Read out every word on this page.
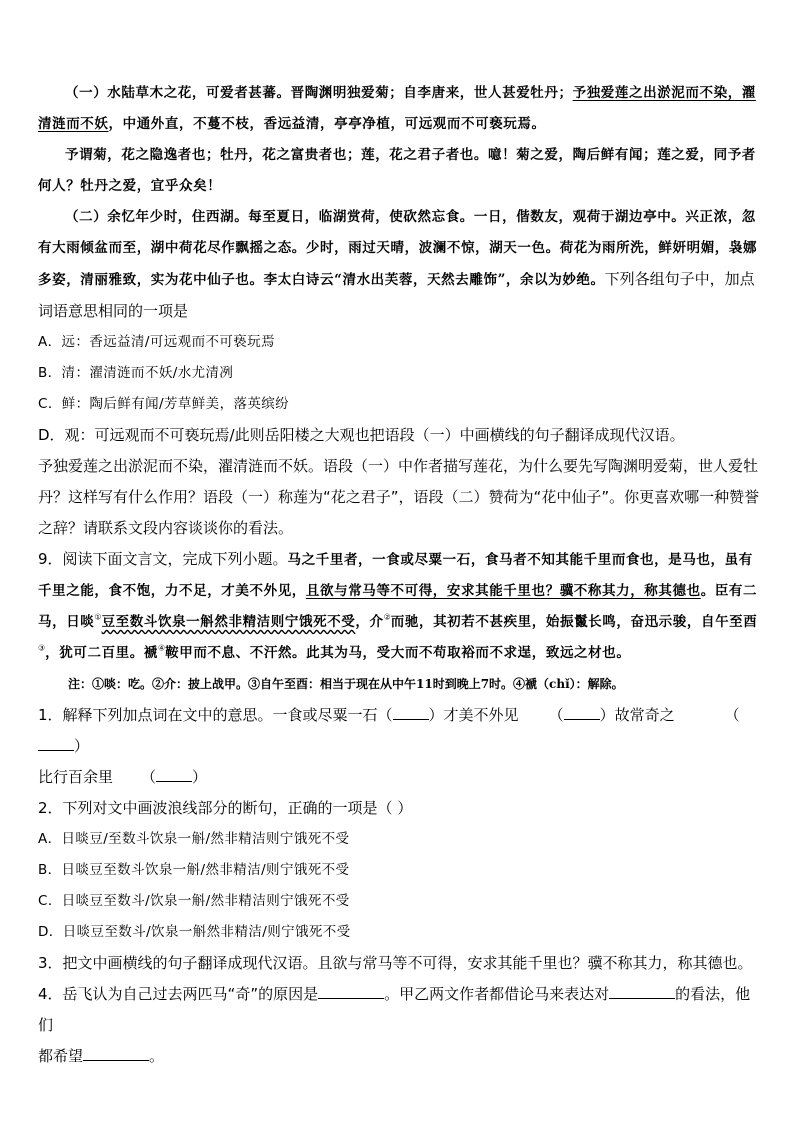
（一）水陆草木之花，可爱者甚蕃。晋陶渊明独爱菊；自李唐来，世人甚爱牡丹；予独爱莲之出淤泥而不染，濯
清涟而不妖，中通外直，不蔓不枝，香远益清，亭亭净植，可远观而不可亵玩焉。

予谓菊，花之隐逸者也；牡丹，花之富贵者也；莲，花之君子者也。噫！菊之爱，陶后鲜有闻；莲之爱，同予者何人？牡丹之爱，宜乎众矣！

（二）余忆年少时，住西湖。每至夏日，临湖赏荷，使砍然忘食。一日，偕数友，观荷于湖边亭中。兴正浓，忽有大雨倾盆而至，湖中荷花尽作飘摇之态。少时，雨过天晴，波澜不惊，湖天一色。荷花为雨所洗，鲜妍明媚，袅娜多姿，清丽雅致，实为花中仙子也。李太白诗云“清水出芙蓉，天然去雕饰”，余以为妙绝。下列各组句子中，加点词语意思相同的一项是

A．远：香远益清/可远观而不可亵玩焉

B．清：濯清涟而不妖/水尤清冽

C．鲜：陶后鲜有闻/芳草鲜美，落英缤纷

D．观：可远观而不可亵玩焉/此则岳阳楼之大观也把语段（一）中画横线的句子翻译成现代汉语。

予独爱莲之出淤泥而不染，濯清涟而不妖。语段（一）中作者描写莲花，为什么要先写陶渊明爱菊，世人爱牡丹？这样写有什么作用？语段（一）称莲为“花之君子”，语段（二）赞荷为“花中仙子”。你更喜欢哪一种赞誉之辞？请联系文段内容谈谈你的看法。

9．阅读下面文言文，完成下列小题。马之千里者，一食或尽粟一石，食马者不知其能千里而食也，是马也，虽有千里之能，食不饱，力不足，才美不外见，且欲与常马等不可得，安求其能千里也？骥不称其力，称其德也。臣有二马，日啖①豆至数斗饮泉一斛然非精洁则宁饿死不受，介②而驰，其初若不甚疾里，始振鬣长鸣，奋迅示骏，自午至酉③，犹可二百里。褫④鞍甲而不息、不汗然。此其为马，受大而不苟取裕而不求逞，致远之材也。

注：①啖：吃。②介：披上战甲。③自午至酉：相当于现在从中午11时到晚上7时。④褫（chǐ）：解除。

1．解释下列加点词在文中的意思。一食或尽粟一石（ ）才美不外见 （ ）故常奇之	（）
比行百余里 （ ）

2．下列对文中画波浪线部分的断句，正确的一项是（ ）

A．日啖豆/至数斗饮泉一斛/然非精洁则宁饿死不受

B．日啖豆至数斗饮泉一斛/然非精洁/则宁饿死不受

C．日啖豆至数斗/饮泉一斛/然非精洁则宁饿死不受

D．日啖豆至数斗/饮泉一斛然非精洁/则宁饿死不受

3．把文中画横线的句子翻译成现代汉语。且欲与常马等不可得，安求其能千里也？骥不称其力，称其德也。

4．岳飞认为自己过去两匹马“奇”的原因是	。甲乙两文作者都借论马来表达对	的看法，他们
都希望	。
